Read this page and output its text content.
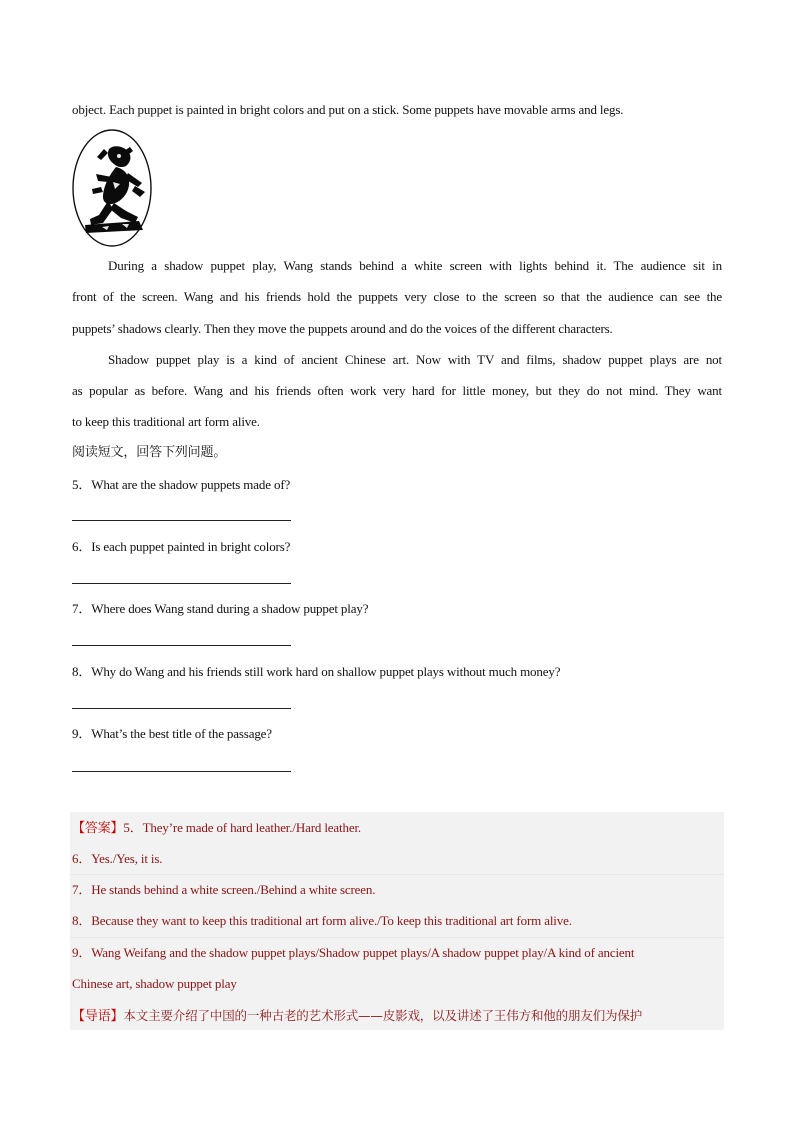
object. Each puppet is painted in bright colors and put on a stick. Some puppets have movable arms and legs.
During a shadow puppet play, Wang stands behind a white screen with lights behind it. The audience sit in
front of the screen. Wang and his friends hold the puppets very close to the screen so that the audience can see the
puppets’ shadows clearly. Then they move the puppets around and do the voices of the different characters.
Shadow puppet play is a kind of ancient Chinese art. Now with TV and films, shadow puppet plays are not
as popular as before. Wang and his friends often work very hard for little money, but they do not mind. They want
to keep this traditional art form alive.
阅读短文，回答下列问题。
5．What are the shadow puppets made of?
6．Is each puppet painted in bright colors?
7．Where does Wang stand during a shadow puppet play?
8．Why do Wang and his friends still work hard on shallow puppet plays without much money?
9．What’s the best title of the passage?
【答案】5．They’re made of hard leather./Hard leather.
6．Yes./Yes, it is.
7．He stands behind a white screen./Behind a white screen.
8．Because they want to keep this traditional art form alive./To keep this traditional art form alive.
9．Wang Weifang and the shadow puppet plays/Shadow puppet plays/A shadow puppet play/A kind of ancient
Chinese art, shadow puppet play
【导语】本文主要介绍了中国的一种古老的艺术形式——皮影戏，以及讲述了王伟方和他的朋友们为保护
